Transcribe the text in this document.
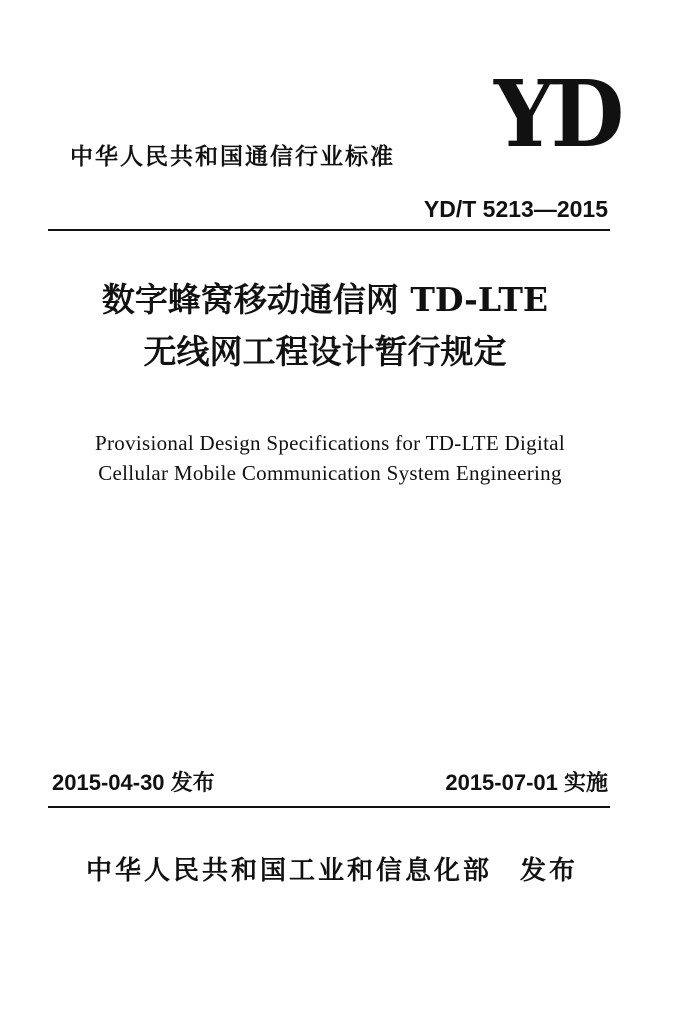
中华人民共和国通信行业标准 YD
YD/T 5213—2015
数字蜂窝移动通信网 TD-LTE
无线网工程设计暂行规定
Provisional Design Specifications for TD-LTE Digital
Cellular Mobile Communication System Engineering
2015-04-30 发布	2015-07-01 实施
中华人民共和国工业和信息化部 发布
